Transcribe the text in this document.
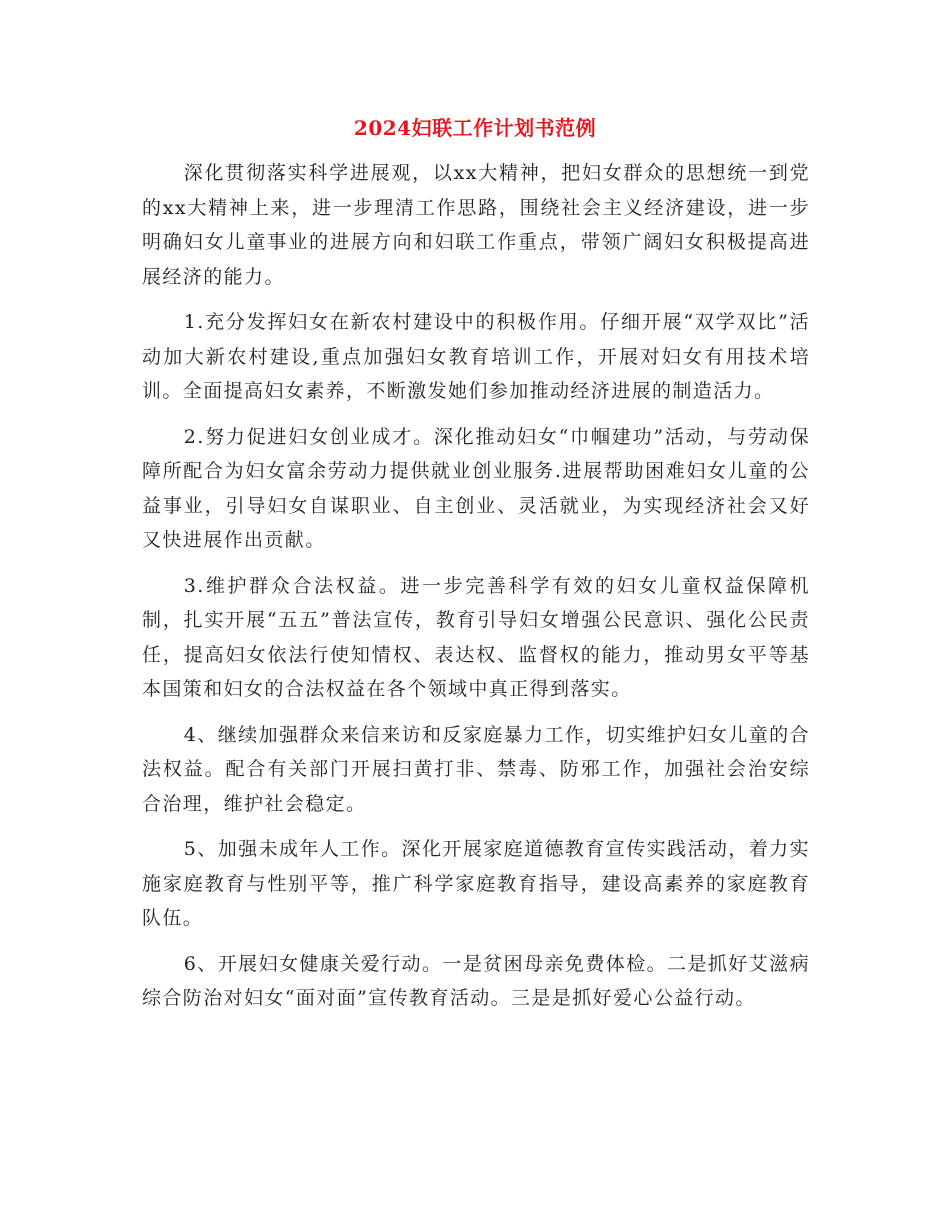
2024妇联工作计划书范例

深化贯彻落实科学进展观，以xx大精神，把妇女群众的思想统一到党的xx大精神上来，进一步理清工作思路，围绕社会主义经济建设，进一步明确妇女儿童事业的进展方向和妇联工作重点，带领广阔妇女积极提高进展经济的能力。

1.充分发挥妇女在新农村建设中的积极作用。仔细开展“双学双比”活动加大新农村建设,重点加强妇女教育培训工作，开展对妇女有用技术培训。全面提高妇女素养，不断激发她们参加推动经济进展的制造活力。

2.努力促进妇女创业成才。深化推动妇女“巾帼建功”活动，与劳动保障所配合为妇女富余劳动力提供就业创业服务.进展帮助困难妇女儿童的公益事业，引导妇女自谋职业、自主创业、灵活就业，为实现经济社会又好又快进展作出贡献。

3.维护群众合法权益。进一步完善科学有效的妇女儿童权益保障机制，扎实开展“五五”普法宣传，教育引导妇女增强公民意识、强化公民责任，提高妇女依法行使知情权、表达权、监督权的能力，推动男女平等基本国策和妇女的合法权益在各个领域中真正得到落实。

4、继续加强群众来信来访和反家庭暴力工作，切实维护妇女儿童的合法权益。配合有关部门开展扫黄打非、禁毒、防邪工作，加强社会治安综合治理，维护社会稳定。

5、加强未成年人工作。深化开展家庭道德教育宣传实践活动，着力实施家庭教育与性别平等，推广科学家庭教育指导，建设高素养的家庭教育队伍。

6、开展妇女健康关爱行动。一是贫困母亲免费体检。二是抓好艾滋病综合防治对妇女“面对面”宣传教育活动。三是是抓好爱心公益行动。
